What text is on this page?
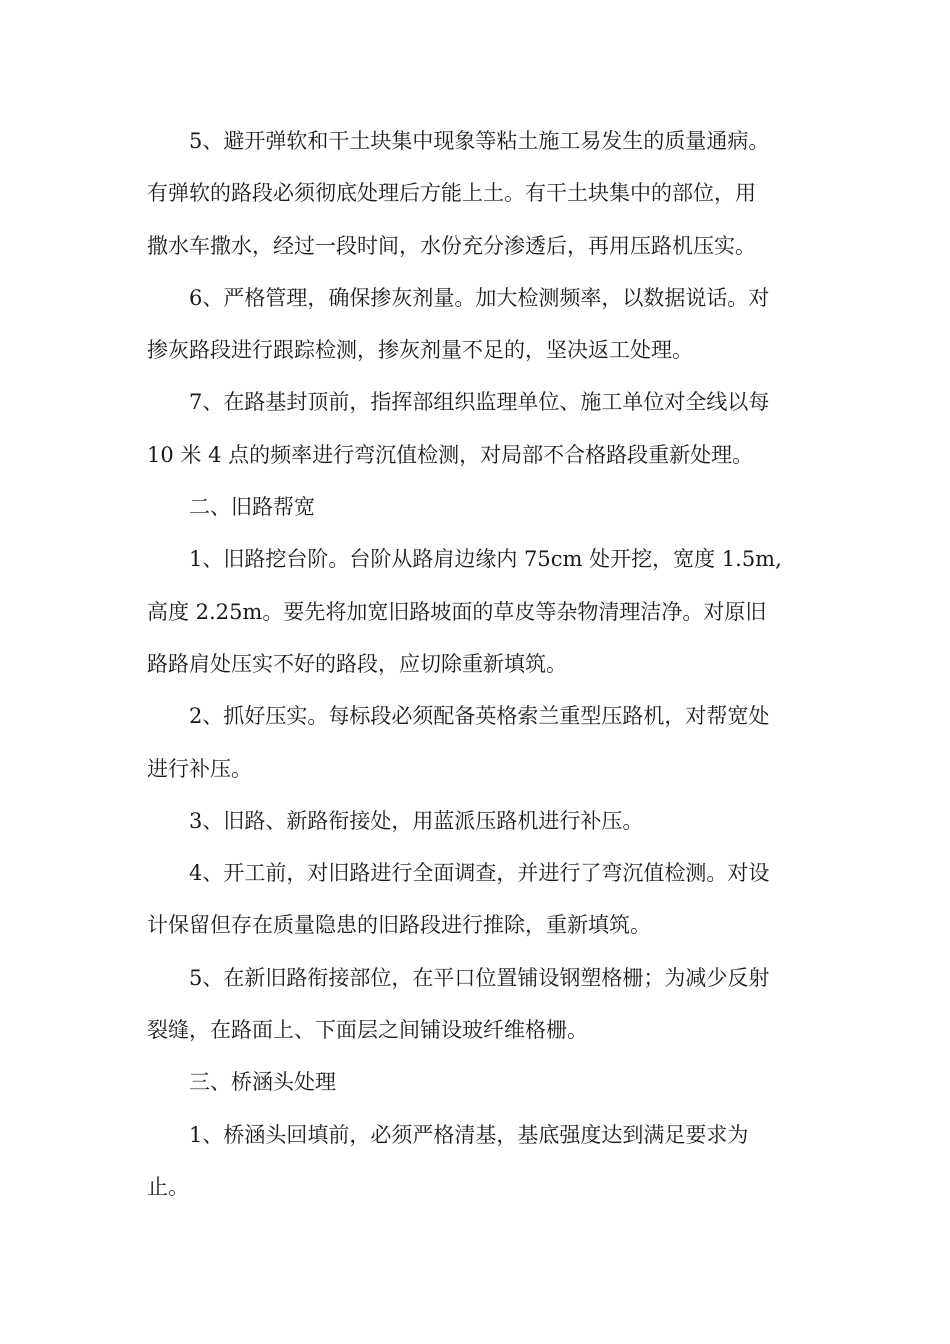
5、避开弹软和干土块集中现象等粘土施工易发生的质量通病。
有弹软的路段必须彻底处理后方能上土。有干土块集中的部位，用
撒水车撒水，经过一段时间，水份充分渗透后，再用压路机压实。

6、严格管理，确保掺灰剂量。加大检测频率，以数据说话。对
掺灰路段进行跟踪检测，掺灰剂量不足的，坚决返工处理。

7、在路基封顶前，指挥部组织监理单位、施工单位对全线以每
10 米 4 点的频率进行弯沉值检测，对局部不合格路段重新处理。

二、旧路帮宽

1、旧路挖台阶。台阶从路肩边缘内 75cm 处开挖，宽度 1.5m,
高度 2.25m。要先将加宽旧路坡面的草皮等杂物清理洁净。对原旧
路路肩处压实不好的路段，应切除重新填筑。

2、抓好压实。每标段必须配备英格索兰重型压路机，对帮宽处
进行补压。

3、旧路、新路衔接处，用蓝派压路机进行补压。

4、开工前，对旧路进行全面调查，并进行了弯沉值检测。对设
计保留但存在质量隐患的旧路段进行推除，重新填筑。

5、在新旧路衔接部位，在平口位置铺设钢塑格栅；为减少反射
裂缝，在路面上、下面层之间铺设玻纤维格栅。

三、桥涵头处理

1、桥涵头回填前，必须严格清基，基底强度达到满足要求为
止。
